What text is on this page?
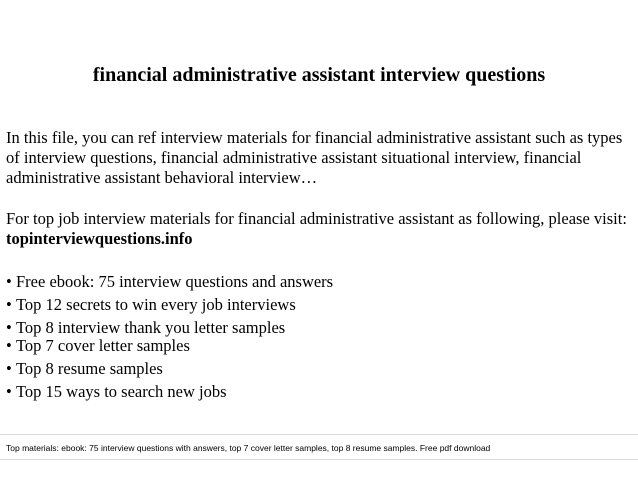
financial administrative assistant interview questions

In this file, you can ref interview materials for financial administrative assistant such as types of interview questions, financial administrative assistant situational interview, financial administrative assistant behavioral interview…

For top job interview materials for financial administrative assistant as following, please visit: topinterviewquestions.info

• Free ebook: 75 interview questions and answers
• Top 12 secrets to win every job interviews
• Top 8 interview thank you letter samples
• Top 7 cover letter samples
• Top 8 resume samples
• Top 15 ways to search new jobs
Top materials: ebook: 75 interview questions with answers, top 7 cover letter samples, top 8 resume samples. Free pdf download
